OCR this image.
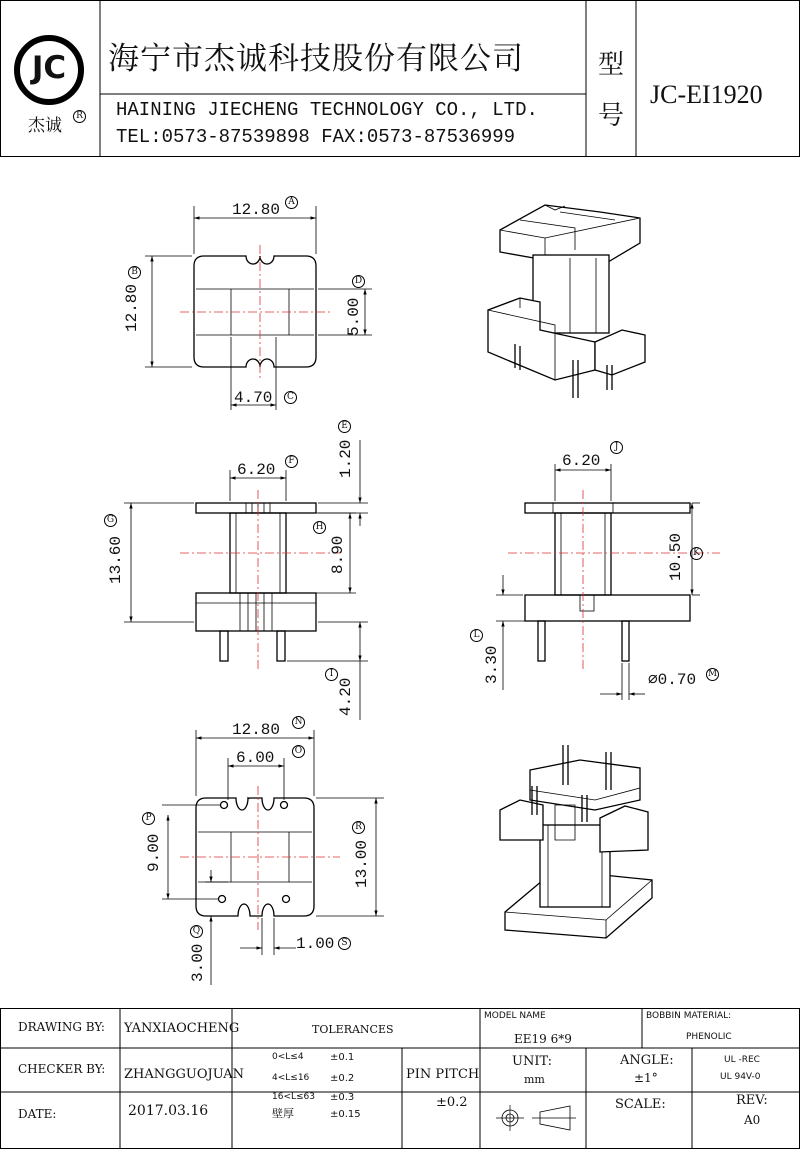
JC
杰诚	R
海宁市杰诚科技股份有限公司
HAINING JIECHENG TECHNOLOGY CO., LTD.
TEL:0573-87539898 FAX:0573-87536999
型
号
JC-EI1920
12.80 A
12.80
B
4.70	C
5.00
D
1.20
E
6.20	F
13.60
G
8.90
H
4.20
I
6.20
J
10.50 K
3.30
L
⌀0.70 M
12.80 N
6.00	O
9.00
P
3.00
Q
13.00
R
1.00 S
DRAWING BY: YANXIAOCHENG
CHECKER BY: ZHANGGUOJUAN
DATE:	2017.03.16
TOLERANCES
0<L≤4	±0.1
4<L≤16 ±0.2
16<L≤63 ±0.3
壁厚	±0.15
PIN PITCH
±0.2
MODEL NAME
EE19 6*9
UNIT:
mm
ANGLE:
±1°
BOBBIN MATERIAL:
PHENOLIC
UL -REC
UL 94V-0
SCALE:	REV:
A0
